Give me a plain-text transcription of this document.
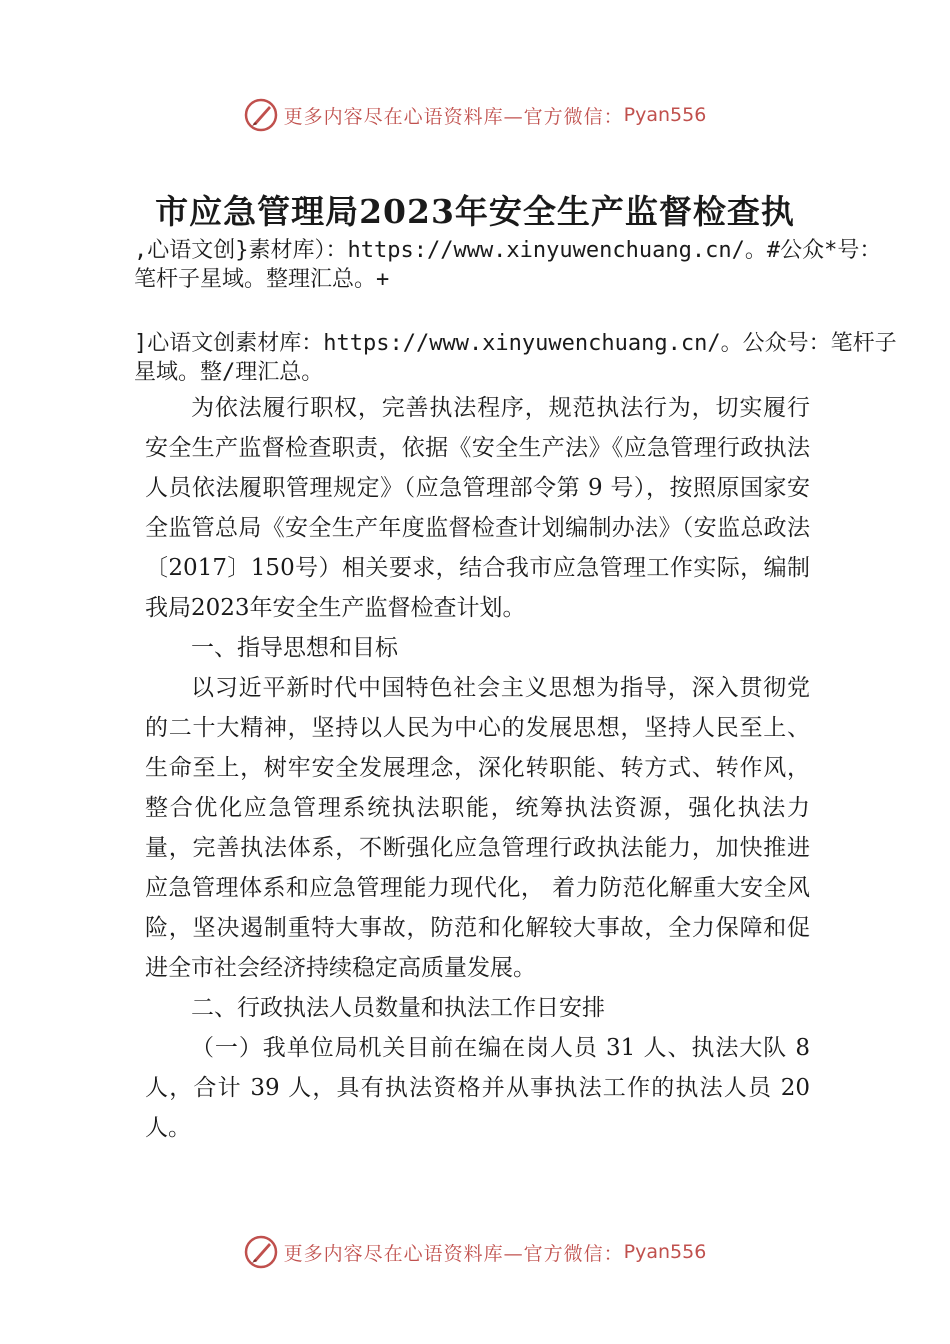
更多内容尽在心语资料库—官方微信： Pyan556
市应急管理局2023年安全生产监督检查执
,心语文创}素材库）：https://www.xinyuwenchuang.cn/。#公众*号：笔杆子星域。整理汇总。+
]心语文创素材库：https://www.xinyuwenchuang.cn/。公众号：笔杆子星域。整/理汇总。

为依法履行职权，完善执法程序，规范执法行为，切实履行安全生产监督检查职责，依据《安全生产法》《应急管理行政执法人员依法履职管理规定》（应急管理部令第 9 号），按照原国家安全监管总局《安全生产年度监督检查计划编制办法》（安监总政法〔2017〕150号）相关要求，结合我市应急管理工作实际，编制我局2023年安全生产监督检查计划。

一、指导思想和目标

以习近平新时代中国特色社会主义思想为指导，深入贯彻党的二十大精神，坚持以人民为中心的发展思想，坚持人民至上、生命至上，树牢安全发展理念，深化转职能、转方式、转作风，整合优化应急管理系统执法职能，统筹执法资源，强化执法力量，完善执法体系，不断强化应急管理行政执法能力，加快推进应急管理体系和应急管理能力现代化， 着力防范化解重大安全风险，坚决遏制重特大事故，防范和化解较大事故，全力保障和促进全市社会经济持续稳定高质量发展。

二、行政执法人员数量和执法工作日安排

（一）我单位局机关目前在编在岗人员 31 人、执法大队 8 人，合计 39 人，具有执法资格并从事执法工作的执法人员 20 人。

更多内容尽在心语资料库—官方微信： Pyan556
